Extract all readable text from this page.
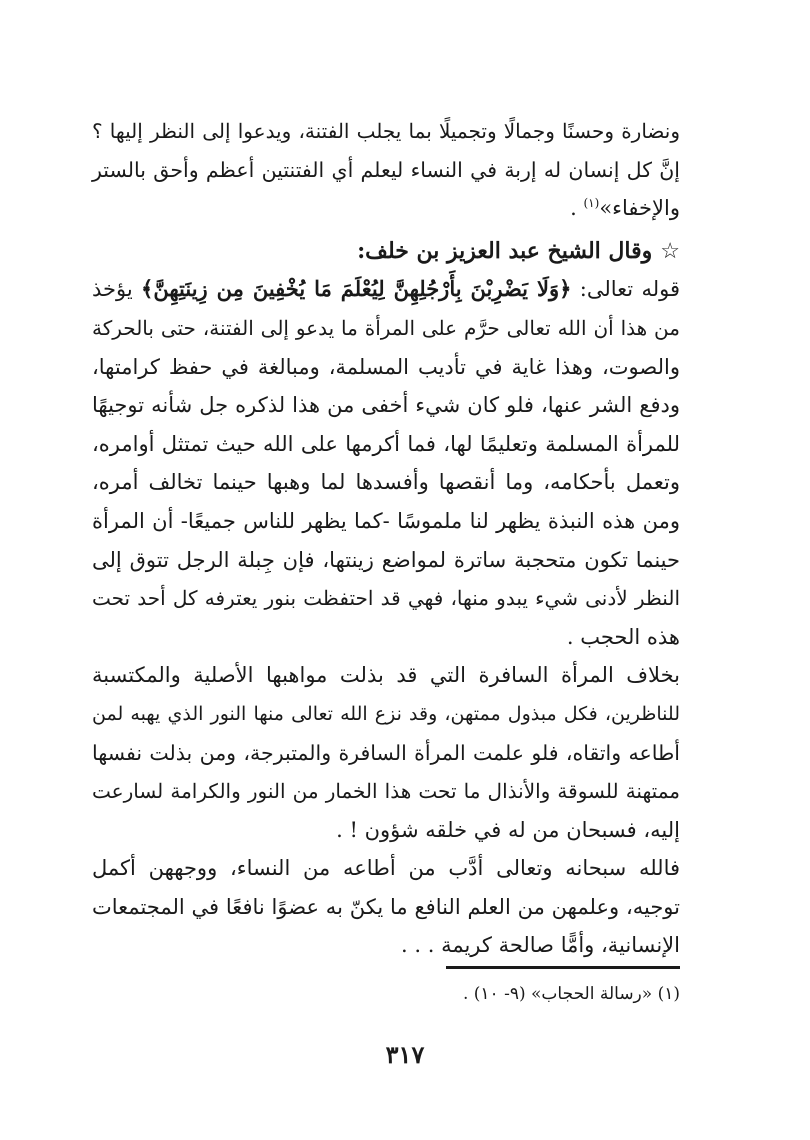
ونضارة وحسنًا وجمالًا وتجميلًا بما يجلب الفتنة، ويدعوا إلى النظر إليها ؟
إنَّ كل إنسان له إربة في النساء ليعلم أي الفتنتين أعظم وأحق بالستر
والإخفاء»$^{(١)}$ .
☆وقال الشيخ عبد العزيز بن خلف:
قوله تعالى: ﴿وَلَا يَضْرِبْنَ بِأَرْجُلِهِنَّ لِيُعْلَمَ مَا يُخْفِينَ مِن زِينَتِهِنَّ﴾ يؤخذ
من هذا أن الله تعالى حرَّم على المرأة ما يدعو إلى الفتنة، حتى بالحركة
والصوت، وهذا غاية في تأديب المسلمة، ومبالغة في حفظ كرامتها،
ودفع الشر عنها، فلو كان شيء أخفى من هذا لذكره جل شأنه توجيهًا
للمرأة المسلمة وتعليمًا لها، فما أكرمها على الله حيث تمتثل أوامره،
وتعمل بأحكامه، وما أنقصها وأفسدها لما وهبها حينما تخالف أمره،
ومن هذه النبذة يظهر لنا ملموسًا -كما يظهر للناس جميعًا- أن المرأة
حينما تكون متحجبة ساترة لمواضع زينتها، فإن جِبلة الرجل تتوق إلى
النظر لأدنى شيء يبدو منها، فهي قد احتفظت بنور يعترفه كل أحد تحت
هذه الحجب .
بخلاف المرأة السافرة التي قد بذلت مواهبها الأصلية والمكتسبة
للناظرين، فكل مبذول ممتهن، وقد نزع الله تعالى منها النور الذي يهبه لمن
أطاعه واتقاه، فلو علمت المرأة السافرة والمتبرجة، ومن بذلت نفسها
ممتهنة للسوقة والأنذال ما تحت هذا الخمار من النور والكرامة لسارعت
إليه، فسبحان من له في خلقه شؤون ! .
فالله سبحانه وتعالى أدَّب من أطاعه من النساء، ووجههن أكمل
توجيه، وعلمهن من العلم النافع ما يكنّ به عضوًا نافعًا في المجتمعات
الإنسانية، وأمًّا صالحة كريمة . . .
(١) «رسالة الحجاب» (٩- ١٠) .
٣١٧
